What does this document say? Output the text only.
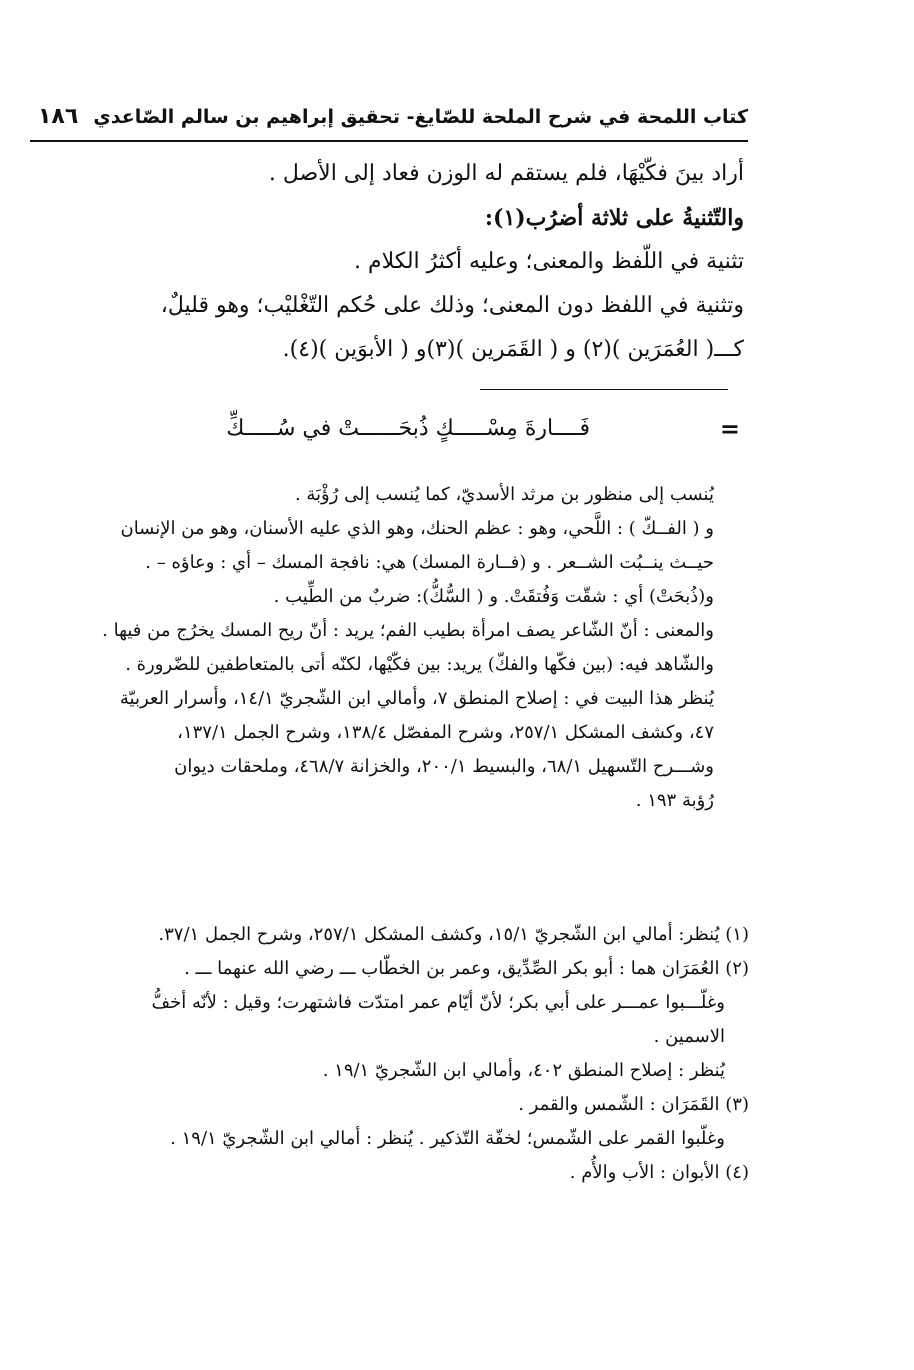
كتاب اللمحة في شرح الملحة للصّايغ- تحقيق إبراهيم بن سالم الصّاعدي
١٨٦
أراد بينَ فكّيْهَا، فلم يستقم له الوزن فعاد إلى الأصل .
والتّثنيةُ على ثلاثة أضرُب(١):
تثنية في اللّفظ والمعنى؛ وعليه أكثرُ الكلام .
وتثنية في اللفظ دون المعنى؛ وذلك على حُكم التّغْليْب؛ وهو قليلٌ،
كـــ( العُمَرَين )(٢) و ( القَمَرين )(٣)و ( الأبوَين )(٤).
=
فَــــارةَ مِسْـــــكٍ ذُبحَــــــتْ في سُـــــكِّ
يُنسب إلى منظور بن مرثد الأسديّ، كما يُنسب إلى رُؤْبَة .
و ( الفــكّ ) : اللَّحي، وهو : عظم الحنك، وهو الذي عليه الأسنان، وهو من الإنسان
حيــث ينــبُت الشــعر . و (فــارة المسك) هي: نافجة المسك – أي : وعاؤه – .
و(ذُبحَتْ) أي : شقّت وَفُتقَتْ. و ( السُّكُّ): ضربٌ من الطِّيب .
والمعنى : أنّ الشّاعر يصف امرأة بطيب الفم؛ يريد : أنّ ريح المسك يخرُج من فيها .
والشّاهد فيه: (بين فكّها والفكّ) يريد: بين فكّيْها، لكنّه أتى بالمتعاطفين للضّرورة .
يُنظر هذا البيت في : إصلاح المنطق ٧، وأمالي ابن الشّجريّ ١٤/١، وأسرار العربيّة
٤٧، وكشف المشكل ٢٥٧/١، وشرح المفصّل ١٣٨/٤، وشرح الجمل ١٣٧/١،
وشـــرح التّسهيل ٦٨/١، والبسيط ٢٠٠/١، والخزانة ٤٦٨/٧، وملحقات ديوان
رُؤبة ١٩٣ .
(١) يُنظر: أمالي ابن الشّجريّ ١٥/١، وكشف المشكل ٢٥٧/١، وشرح الجمل ٣٧/١.
(٢) العُمَرَان هما : أبو بكر الصِّدِّيق، وعمر بن الخطّاب ـــ رضي الله عنهما ـــ .
وغلّـــبوا عمـــر على أبي بكر؛ لأنّ أيّام عمر امتدّت فاشتهرت؛ وقيل : لأنّه أخفُّ
الاسمين .
يُنظر : إصلاح المنطق ٤٠٢، وأمالي ابن الشّجريّ ١٩/١ .
(٣) القَمَرَان : الشّمس والقمر .
وغلّبوا القمر على الشّمس؛ لخفّة التّذكير . يُنظر : أمالي ابن الشّجريّ ١٩/١ .
(٤) الأبوان : الأب والأُم .
